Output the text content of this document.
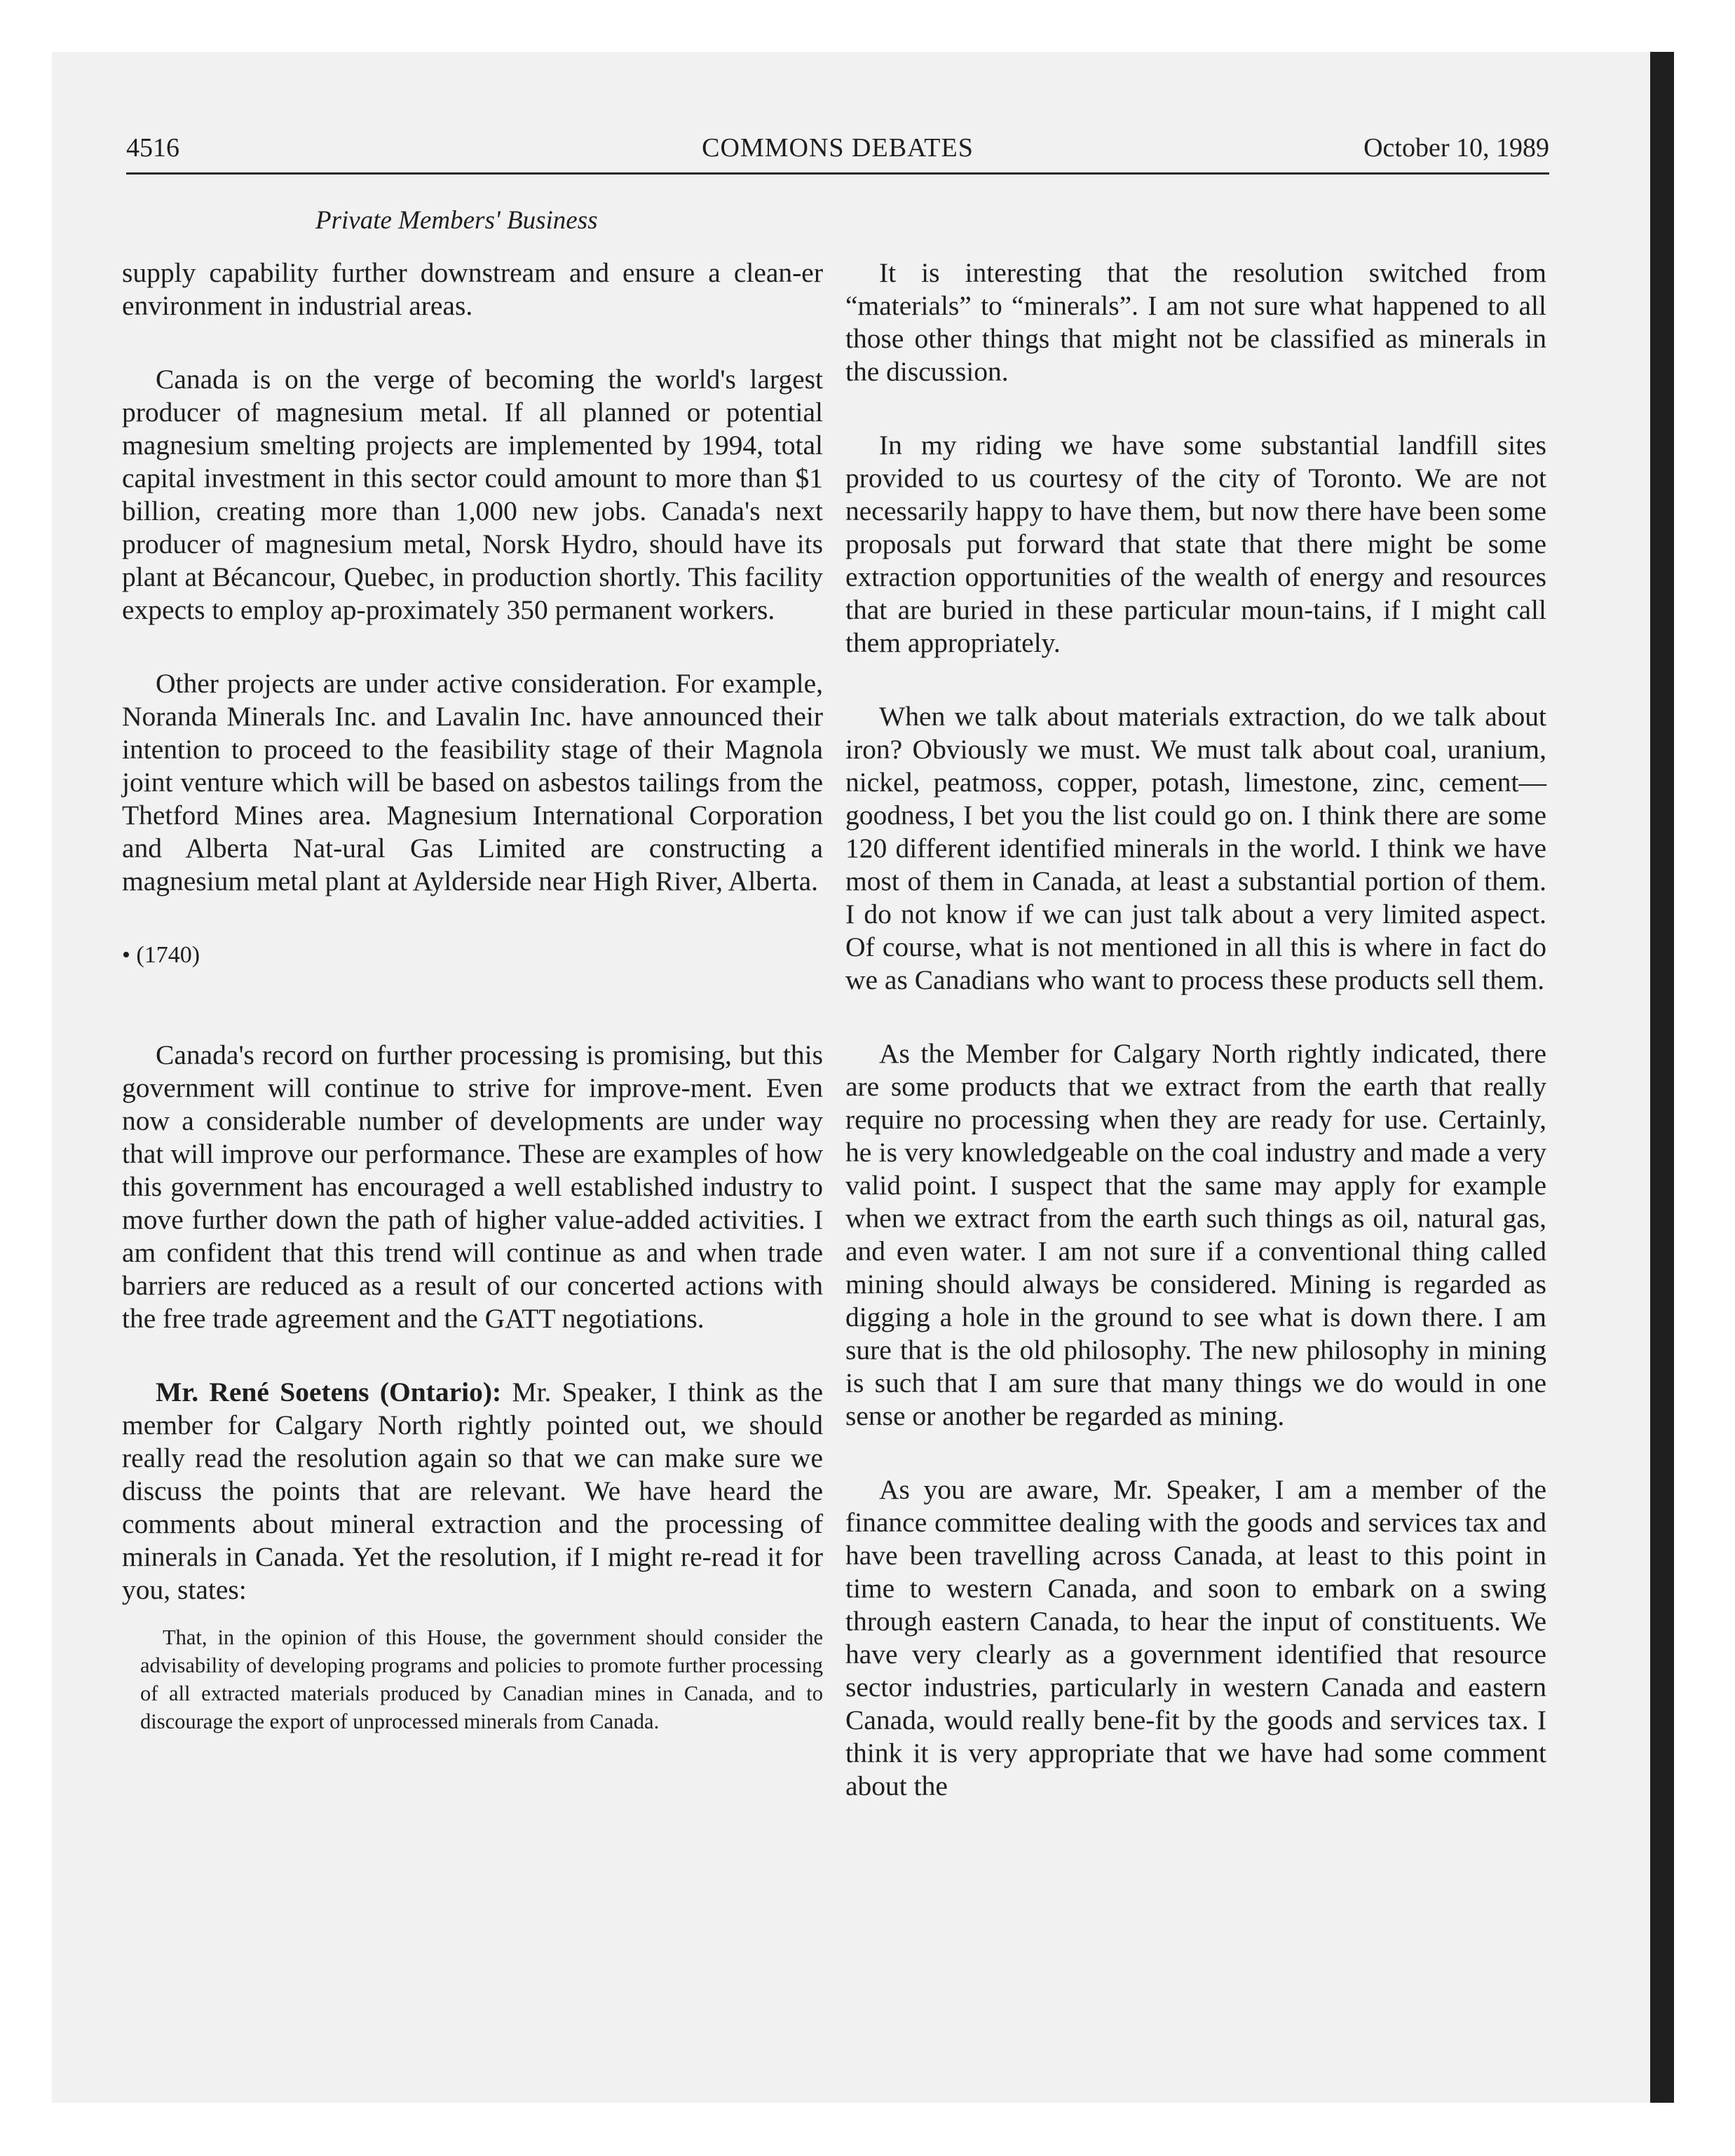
4516	COMMONS DEBATES	October 10, 1989
Private Members' Business

supply capability further downstream and ensure a clean-er environment in industrial areas.

Canada is on the verge of becoming the world's largest producer of magnesium metal. If all planned or potential magnesium smelting projects are implemented by 1994, total capital investment in this sector could amount to more than $1 billion, creating more than 1,000 new jobs. Canada's next producer of magnesium metal, Norsk Hydro, should have its plant at Bécancour, Quebec, in production shortly. This facility expects to employ ap-proximately 350 permanent workers.

Other projects are under active consideration. For example, Noranda Minerals Inc. and Lavalin Inc. have announced their intention to proceed to the feasibility stage of their Magnola joint venture which will be based on asbestos tailings from the Thetford Mines area. Magnesium International Corporation and Alberta Nat-ural Gas Limited are constructing a magnesium metal plant at Aylderside near High River, Alberta.

• (1740)

Canada's record on further processing is promising, but this government will continue to strive for improve-ment. Even now a considerable number of developments are under way that will improve our performance. These are examples of how this government has encouraged a well established industry to move further down the path of higher value-added activities. I am confident that this trend will continue as and when trade barriers are reduced as a result of our concerted actions with the free trade agreement and the GATT negotiations.

Mr. René Soetens (Ontario): Mr. Speaker, I think as the member for Calgary North rightly pointed out, we should really read the resolution again so that we can make sure we discuss the points that are relevant. We have heard the comments about mineral extraction and the processing of minerals in Canada. Yet the resolution, if I might re-read it for you, states:

That, in the opinion of this House, the government should consider the advisability of developing programs and policies to promote further processing of all extracted materials produced by Canadian mines in Canada, and to discourage the export of unprocessed minerals from Canada.

It is interesting that the resolution switched from “materials” to “minerals”. I am not sure what happened to all those other things that might not be classified as minerals in the discussion.

In my riding we have some substantial landfill sites provided to us courtesy of the city of Toronto. We are not necessarily happy to have them, but now there have been some proposals put forward that state that there might be some extraction opportunities of the wealth of energy and resources that are buried in these particular moun-tains, if I might call them appropriately.

When we talk about materials extraction, do we talk about iron? Obviously we must. We must talk about coal, uranium, nickel, peatmoss, copper, potash, limestone, zinc, cement—goodness, I bet you the list could go on. I think there are some 120 different identified minerals in the world. I think we have most of them in Canada, at least a substantial portion of them. I do not know if we can just talk about a very limited aspect. Of course, what is not mentioned in all this is where in fact do we as Canadians who want to process these products sell them.

As the Member for Calgary North rightly indicated, there are some products that we extract from the earth that really require no processing when they are ready for use. Certainly, he is very knowledgeable on the coal industry and made a very valid point. I suspect that the same may apply for example when we extract from the earth such things as oil, natural gas, and even water. I am not sure if a conventional thing called mining should always be considered. Mining is regarded as digging a hole in the ground to see what is down there. I am sure that is the old philosophy. The new philosophy in mining is such that I am sure that many things we do would in one sense or another be regarded as mining.

As you are aware, Mr. Speaker, I am a member of the finance committee dealing with the goods and services tax and have been travelling across Canada, at least to this point in time to western Canada, and soon to embark on a swing through eastern Canada, to hear the input of constituents. We have very clearly as a government identified that resource sector industries, particularly in western Canada and eastern Canada, would really bene-fit by the goods and services tax. I think it is very appropriate that we have had some comment about the
